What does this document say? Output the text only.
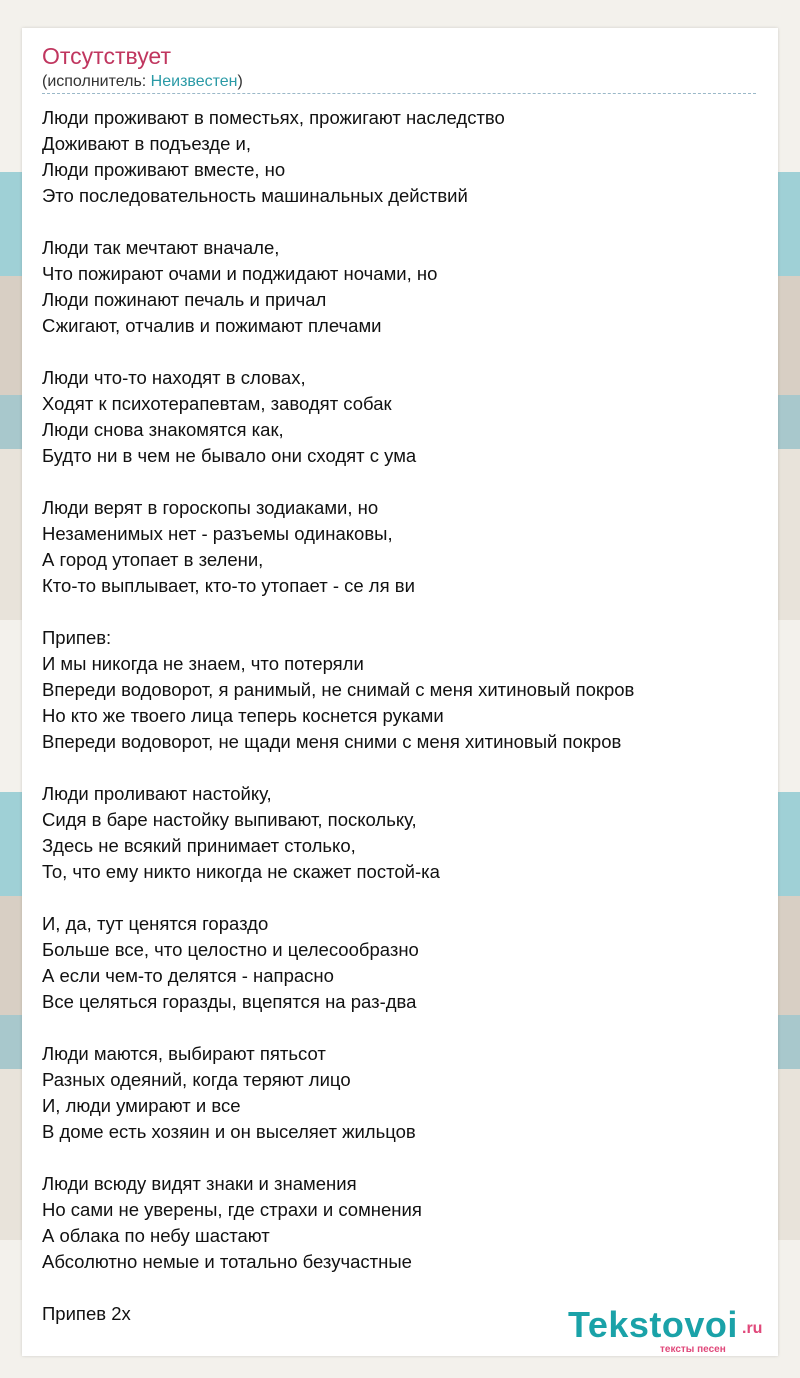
Отсутствует
(исполнитель: Неизвестен)
Люди проживают в поместьях, прожигают наследство
Доживают в подъезде и,
Люди проживают вместе, но
Это последовательность машинальных действий
Люди так мечтают вначале,
Что пожирают очами и поджидают ночами, но
Люди пожинают печаль и причал
Сжигают, отчалив и пожимают плечами
Люди что-то находят в словах,
Ходят к психотерапевтам, заводят собак
Люди снова знакомятся как,
Будто ни в чем не бывало они сходят с ума
Люди верят в гороскопы зодиаками, но
Незаменимых нет - разъемы одинаковы,
А город утопает в зелени,
Кто-то выплывает, кто-то утопает - се ля ви
Припев:
И мы никогда не знаем, что потеряли
Впереди водоворот, я ранимый, не снимай с меня хитиновый покров
Но кто же твоего лица теперь коснется руками
Впереди водоворот, не щади меня сними с меня хитиновый покров
Люди проливают настойку,
Сидя в баре настойку выпивают, поскольку,
Здесь не всякий принимает столько,
То, что ему никто никогда не скажет постой-ка
И, да, тут ценятся гораздо
Больше все, что целостно и целесообразно
А если чем-то делятся - напрасно
Все целяться горазды, вцепятся на раз-два
Люди маются, выбирают пятьсот
Разных одеяний, когда теряют лицо
И, люди умирают и все
В доме есть хозяин и он выселяет жильцов
Люди всюду видят знаки и знамения
Но сами не уверены, где страхи и сомнения
А облака по небу шастают
Абсолютно немые и тотально безучастные
Припев 2x	Tekstovoi .ru
тексты песен
